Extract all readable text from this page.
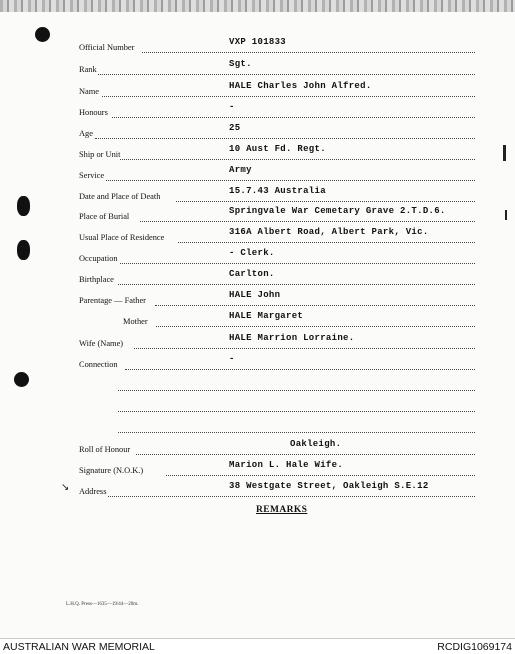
Official Number
VXP 101833
Rank
Sgt.
Name
HALE Charles John Alfred.
Honours
-
Age
25
Ship or Unit
10 Aust Fd. Regt.
Service
Army
Date and Place of Death
15.7.43 Australia
Place of Burial
Springvale War Cemetary Grave 2.T.D.6.
Usual Place of Residence
316A Albert Road, Albert Park, Vic.
Occupation
- Clerk.
Birthplace
Carlton.
Parentage — Father
HALE John
Mother
HALE Margaret
Wife (Name)
HALE Marrion Lorraine.
Connection
-
Roll of Honour
Oakleigh.
Signature (N.O.K.)
Marion L. Hale Wife.
Address
38 Westgate Street, Oakleigh S.E.12
↘
REMARKS
L.H.Q. Press—1635—19/44—20m.
AUSTRALIAN WAR MEMORIAL	RCDIG1069174
